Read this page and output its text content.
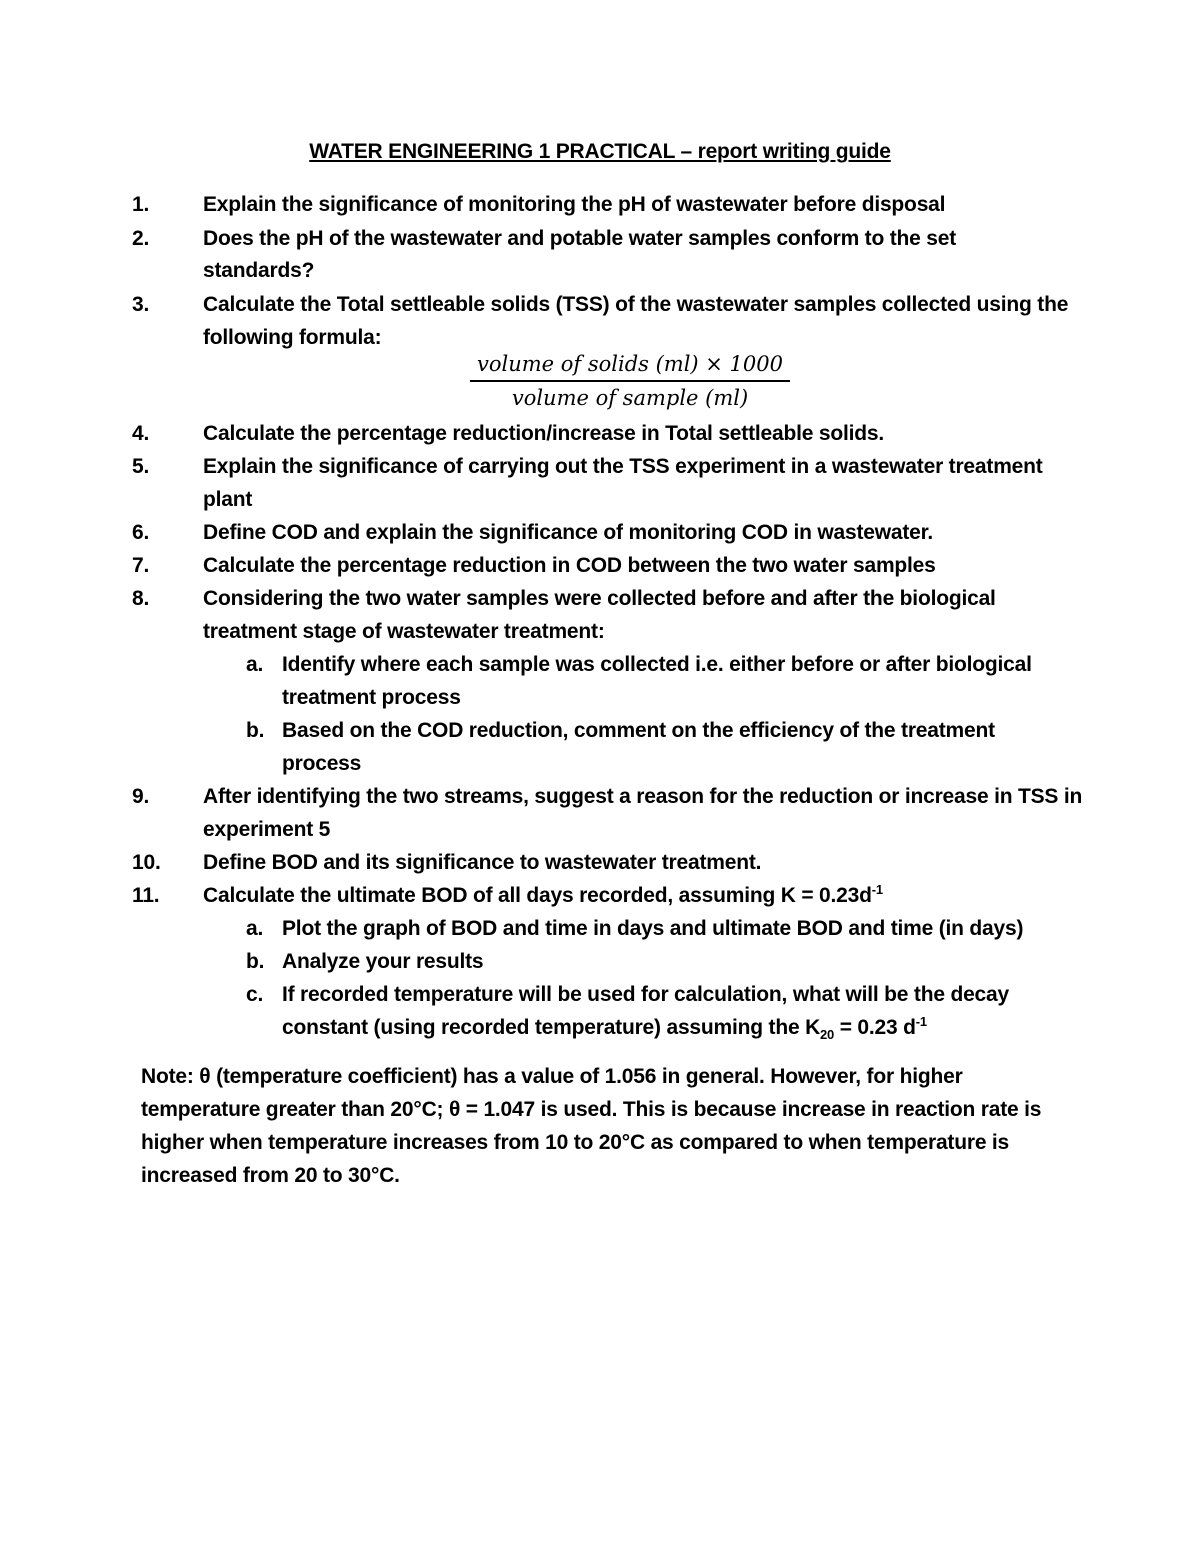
WATER ENGINEERING 1 PRACTICAL – report writing guide
1.	Explain the significance of monitoring the pH of wastewater before disposal
2.	Does the pH of the wastewater and potable water samples conform to the set
standards?
3.	Calculate the Total settleable solids (TSS) of the wastewater samples collected using the
following formula:
volume of solids (ml) × 1000
volume of sample (ml)
4.	Calculate the percentage reduction/increase in Total settleable solids.
5.	Explain the significance of carrying out the TSS experiment in a wastewater treatment
plant
6.	Define COD and explain the significance of monitoring COD in wastewater.
7.	Calculate the percentage reduction in COD between the two water samples
8.	Considering the two water samples were collected before and after the biological
treatment stage of wastewater treatment:
a. Identify where each sample was collected i.e. either before or after biological
treatment process
b. Based on the COD reduction, comment on the efficiency of the treatment
process
9.	After identifying the two streams, suggest a reason for the reduction or increase in TSS in
experiment 5
10. Define BOD and its significance to wastewater treatment.
11. Calculate the ultimate BOD of all days recorded, assuming $K = 0.23d^{-1}$
a. Plot the graph of BOD and time in days and ultimate BOD and time (in days)
b. Analyze your results
c. If recorded temperature will be used for calculation, what will be the decay
constant (using recorded temperature) assuming the $K_{20} = 0.23$ $d^{-1}$
Note: θ (temperature coefficient) has a value of 1.056 in general. However, for higher
temperature greater than 20°C; θ = 1.047 is used. This is because increase in reaction rate is
higher when temperature increases from 10 to 20°C as compared to when temperature is
increased from 20 to 30°C.
